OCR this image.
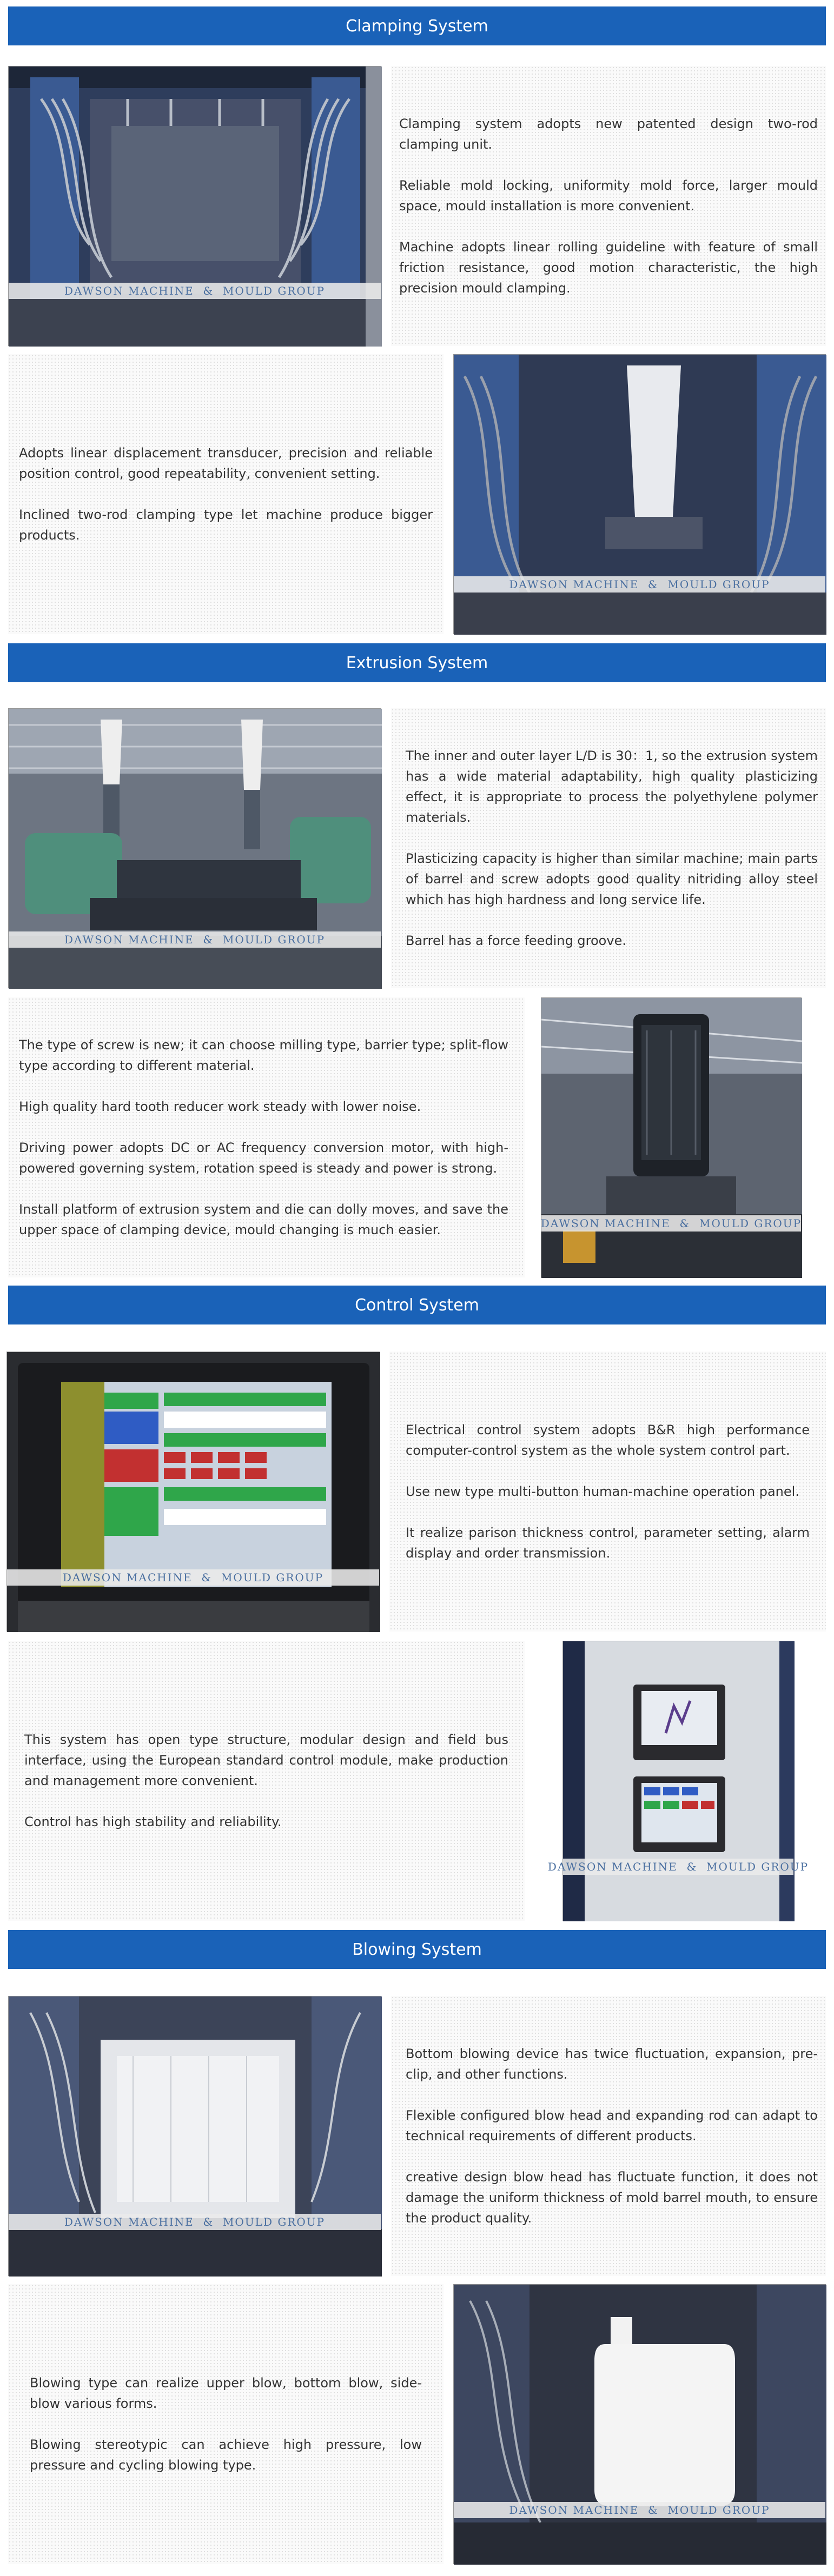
Clamping System
DAWSON MACHINE  &  MOULD GROUP

Clamping system adopts new patented design two-rod clamping unit.

Reliable mold locking, uniformity mold force, larger mould space, mould installation is more convenient.

Machine adopts linear rolling guideline with feature of small friction resistance, good motion characteristic, the high precision mould clamping.

Adopts linear displacement transducer, precision and reliable position control, good repeatability, convenient setting.

Inclined two-rod clamping type let machine produce bigger products.

DAWSON MACHINE  &  MOULD GROUP
Extrusion System
DAWSON MACHINE  &  MOULD GROUP

The inner and outer layer L/D is 30：1, so the extrusion system has a wide material adaptability, high quality plasticizing effect, it is appropriate to process the polyethylene polymer materials.

Plasticizing capacity is higher than similar machine; main parts of barrel and screw adopts good quality nitriding alloy steel which has high hardness and long service life.

Barrel has a force feeding groove.

The type of screw is new; it can choose milling type, barrier type; split-flow type according to different material.

High quality hard tooth reducer work steady with lower noise.

Driving power adopts DC or AC frequency conversion motor, with high-powered governing system, rotation speed is steady and power is strong.

Install platform of extrusion system and die can dolly moves, and save the upper space of clamping device, mould changing is much easier.	DAWSON MACHINE  &  MOULD GROUP
Control System
DAWSON MACHINE  &  MOULD GROUP

Electrical control system adopts B&R high performance computer-control system as the whole system control part.

Use new type multi-button human-machine operation panel.

It realize parison thickness control, parameter setting, alarm display and order transmission.

This system has open type structure, modular design and field bus interface, using the European standard control module, make production and management more convenient.

Control has high stability and reliability.

DAWSON MACHINE  &  MOULD GROUP
Blowing System
DAWSON MACHINE  &  MOULD GROUP

Bottom blowing device has twice fluctuation, expansion, pre-clip, and other functions.

Flexible configured blow head and expanding rod can adapt to technical requirements of different products.

creative design blow head has fluctuate function, it does not damage the uniform thickness of mold barrel mouth, to ensure the product quality.

Blowing type can realize upper blow, bottom blow, side-blow various forms.

Blowing stereotypic can achieve high pressure, low pressure and cycling blowing type.

DAWSON MACHINE  &  MOULD GROUP
